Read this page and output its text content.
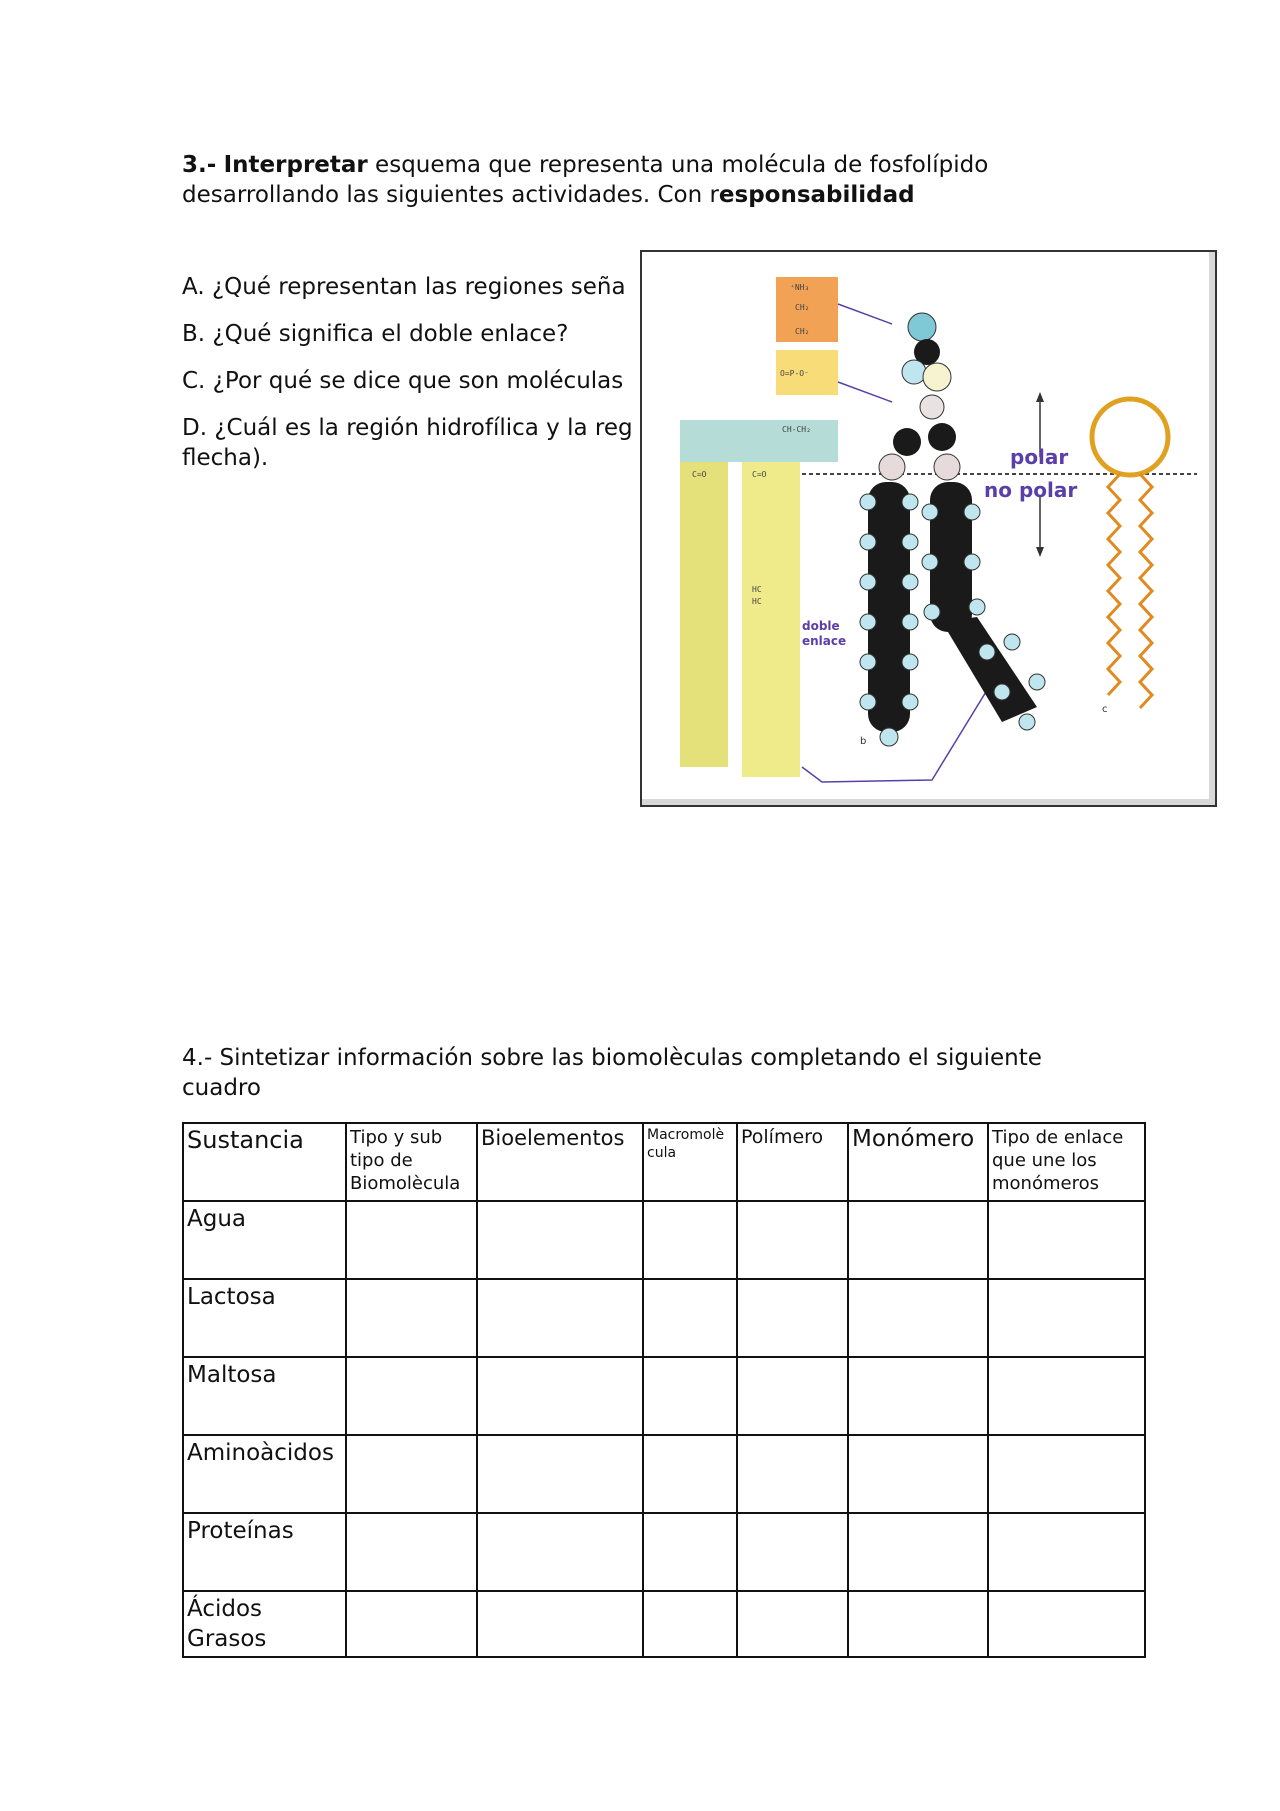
3.- Interpretar esquema que representa una molécula de fosfolípido desarrollando las siguientes actividades. Con responsabilidad
A. ¿Qué representan las regiones seña
B. ¿Qué significa el doble enlace?
C. ¿Por qué se dice que son moléculas
D. ¿Cuál es la región hidrofílica y la reg
flecha).
⁺NH₃
CH₂
CH₂
O=P-O⁻
CH-CH₂
C=O	C=O
HC
HC
polar
no polar
doble
enlace
b
c
4.- Sintetizar información sobre las biomolèculas completando el siguiente cuadro
Sustancia	Tipo y sub tipo de Biomolècula	Bioelementos	Macromolè cula	Polímero	Monómero	Tipo de enlace que une los monómeros
Agua						
Lactosa						
Maltosa						
Aminoàcidos						
Proteínas						
Ácidos Grasos						
